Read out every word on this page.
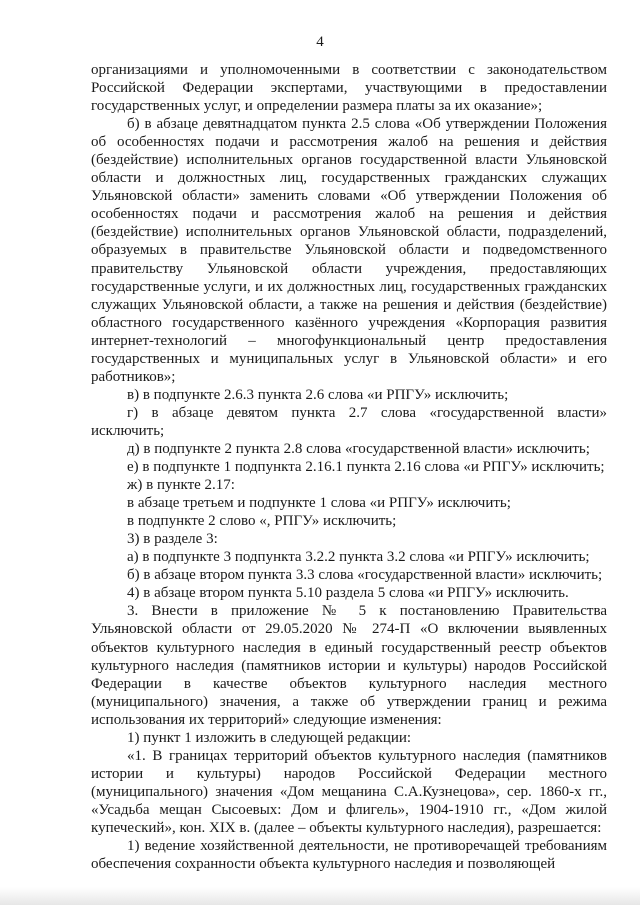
4

организациями и уполномоченными в соответствии с законодательством Российской Федерации экспертами, участвующими в предоставлении государственных услуг, и определении размера платы за их оказание»;

б) в абзаце девятнадцатом пункта 2.5 слова «Об утверждении Положения об особенностях подачи и рассмотрения жалоб на решения и действия (бездействие) исполнительных органов государственной власти Ульяновской области и должностных лиц, государственных гражданских служащих Ульяновской области» заменить словами «Об утверждении Положения об особенностях подачи и рассмотрения жалоб на решения и действия (бездействие) исполнительных органов Ульяновской области, подразделений, образуемых в правительстве Ульяновской области и подведомственного правительству Ульяновской области учреждения, предоставляющих государственные услуги, и их должностных лиц, государственных гражданских служащих Ульяновской области, а также на решения и действия (бездействие) областного государственного казённого учреждения «Корпорация развития интернет-технологий – многофункциональный центр предоставления государственных и муниципальных услуг в Ульяновской области» и его работников»;

в) в подпункте 2.6.3 пункта 2.6 слова «и РПГУ» исключить;

г) в абзаце девятом пункта 2.7 слова «государственной власти» исключить;

д) в подпункте 2 пункта 2.8 слова «государственной власти» исключить;

е) в подпункте 1 подпункта 2.16.1 пункта 2.16 слова «и РПГУ» исключить;

ж) в пункте 2.17:

в абзаце третьем и подпункте 1 слова «и РПГУ» исключить;

в подпункте 2 слово «, РПГУ» исключить;

3) в разделе 3:

а) в подпункте 3 подпункта 3.2.2 пункта 3.2 слова «и РПГУ» исключить;

б) в абзаце втором пункта 3.3 слова «государственной власти» исключить;

4) в абзаце втором пункта 5.10 раздела 5 слова «и РПГУ» исключить.

3. Внести в приложение № 5 к постановлению Правительства Ульяновской области от 29.05.2020 № 274-П «О включении выявленных объектов культурного наследия в единый государственный реестр объектов культурного наследия (памятников истории и культуры) народов Российской Федерации в качестве объектов культурного наследия местного (муниципального) значения, а также об утверждении границ и режима использования их территорий» следующие изменения:

1) пункт 1 изложить в следующей редакции:

«1. В границах территорий объектов культурного наследия (памятников истории и культуры) народов Российской Федерации местного (муниципального) значения «Дом мещанина С.А.Кузнецова», сер. 1860-х гг., «Усадьба мещан Сысоевых: Дом и флигель», 1904-1910 гг., «Дом жилой купеческий», кон. XIX в. (далее – объекты культурного наследия), разрешается:

1) ведение хозяйственной деятельности, не противоречащей требованиям обеспечения сохранности объекта культурного наследия и позволяющей
